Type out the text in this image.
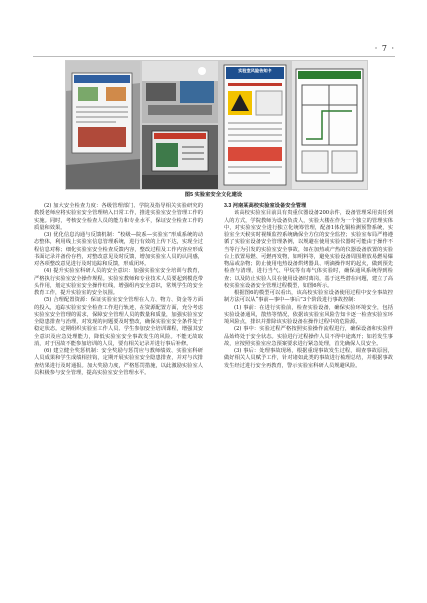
· 7 ·
实验室风险告知卡
图5 实验室安全文化建设

(2) 加大安全检查力度：各级管理部门、学院及指导相关实验研究的教授老师应将实验室安全管理纳入日常工作，推进实验室安全管理工作的实施。同时，考核安全检查人员的能力和专业水平，保证安全检查工作的质量和效果。

(3) 优化信息沟通与反馈机制：“校级—院系—实验室”形成系统的动态整体，利用线上实验室信息管理系统，进行有效的上传下达，实现全过程信息对称；细化实验室安全检查反馈内容，整改过程及工作内容应形成书面记录并备份存档，对整改意见及时反馈，增加实验室人员的认同感，对各项整改意见进行及时追踪和反馈，形成闭环。

(4) 提升实验室科研人员的安全意识：加强实验室安全培训与教育，严格执行实验室安全操作规程。实验室教师和专业技术人员要起到模范带头作用，划定实验室安全操作红线，增强组内安全意识，常规学生的安全教育工作，提升实验室的安全氛围。

(5) 合理配置资源：保证实验室安全管理在人力、物力、资金等方面的投入，追踪实验室安全检查工作进行轨迹，在资源配置方面，充分考虑实验室安全管理的需求，保障安全管理人员的数量和质量，加强实验室安全隐患排查与治理，对发现的问题要及时整改，确保实验室安全条件处于稳定状态。定期组织实验室工作人员、学生参加安全培训课程，增强其安全意识及应急处理能力，降低实验室安全事故发生的风险。不能无故取消，对于因故不能参加培训的人员，要有相关记录并进行事后补修。

(6) 建立健全奖惩机制：安全奖励与惩罚应与教师绩效、实验室科研人员成果和学生成绩相挂钩，定期开展实验室安全隐患排查，并对与次排查结果进行及时通报。加大奖励力度，严格惩罚措施，以此激励实验室人员积极参与安全管理，提高实验室安全管理水平。

3.3 河南某高校实验室设备安全管理

该高校实验室目前具有贵重仪器设备200余件，设备管理采用责任到人的方式，学院教师为设备负责人，实验大楼在作为一个独立的管理实体中，对实验室安全进行独立化统筹管理，配备1体化铜检测预警系统，实验室全天候实时视频监控系统确保全方位的安全监控；实验室布局严格遵循了实验室设备安全管理条例，以规避在使用实验仪器时可能由于操作不当等行为引发的实验室安全事故，如在加热或产热的仪器设备放置的实验台上放置易燃、可燃再发物，如明料等，避免实验设备周围堆放易燃易爆物品或杂物；防止使用电热设备烘烤器具、明滴操作时的起火，做到预先检查与清理，进行当气、甲烷等有毒气体实验时，确保通风系统得到检查；以及防止实验人员在使用设备时离岗，基于这些潜在问题，建立了高校实验室设备安全管理过程模型，如图6所示。

根据图6的模型可以看出，该高校实验室设备使用过程中安全事故控制方法可以从“事前—事中—事后”3个阶段进行事故控制：

(1) 事前：在进行实验前，检查实验设备，确保实验环境安全，包括实验设备通风，散热等情况，依据该实验室风险告知卡逐一检查实验室环境风险点，排识并排除该实验设备在操作过程中的危险源。

(2) 事中：实验过程严格按照实验操作流程进行，确保设备和实验样品始终处于安全状态。实验进行过程操作人员不得中途离开；如若发生事故，应按照实验室应急预案要求进行紧急处理，首先确保人员安全。

(3) 事后：处理事故现场，根据重现事故发生过程，调查事故原因，做好相关人员赋予工作，针对诸如此类的事故进行梳理总结，并根据事故发生经过进行安全再教育，警示实验室科研人员规避风险。
